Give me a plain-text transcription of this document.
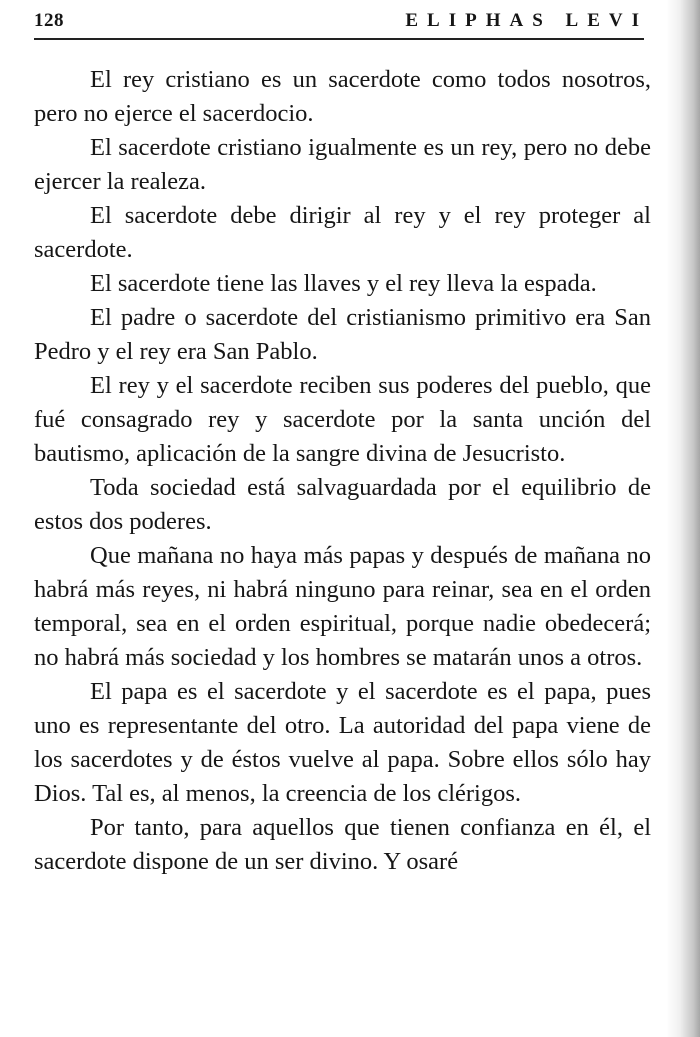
128	ELIPHAS LEVI

El rey cristiano es un sacerdote como todos nosotros, pero no ejerce el sacerdocio.

El sacerdote cristiano igualmente es un rey, pero no debe ejercer la realeza.

El sacerdote debe dirigir al rey y el rey proteger al sacerdote.

El sacerdote tiene las llaves y el rey lleva la espada.

El padre o sacerdote del cristianismo primitivo era San Pedro y el rey era San Pablo.

El rey y el sacerdote reciben sus poderes del pueblo, que fué consagrado rey y sacerdote por la santa unción del bautismo, aplicación de la sangre divina de Jesucristo.

Toda sociedad está salvaguardada por el equilibrio de estos dos poderes.

Que mañana no haya más papas y después de mañana no habrá más reyes, ni habrá ninguno para reinar, sea en el orden temporal, sea en el orden espiritual, porque nadie obedecerá; no habrá más sociedad y los hombres se matarán unos a otros.

El papa es el sacerdote y el sacerdote es el papa, pues uno es representante del otro. La autoridad del papa viene de los sacerdotes y de éstos vuelve al papa. Sobre ellos sólo hay Dios. Tal es, al menos, la creencia de los clérigos.

Por tanto, para aquellos que tienen confianza en él, el sacerdote dispone de un ser divino. Y osaré
